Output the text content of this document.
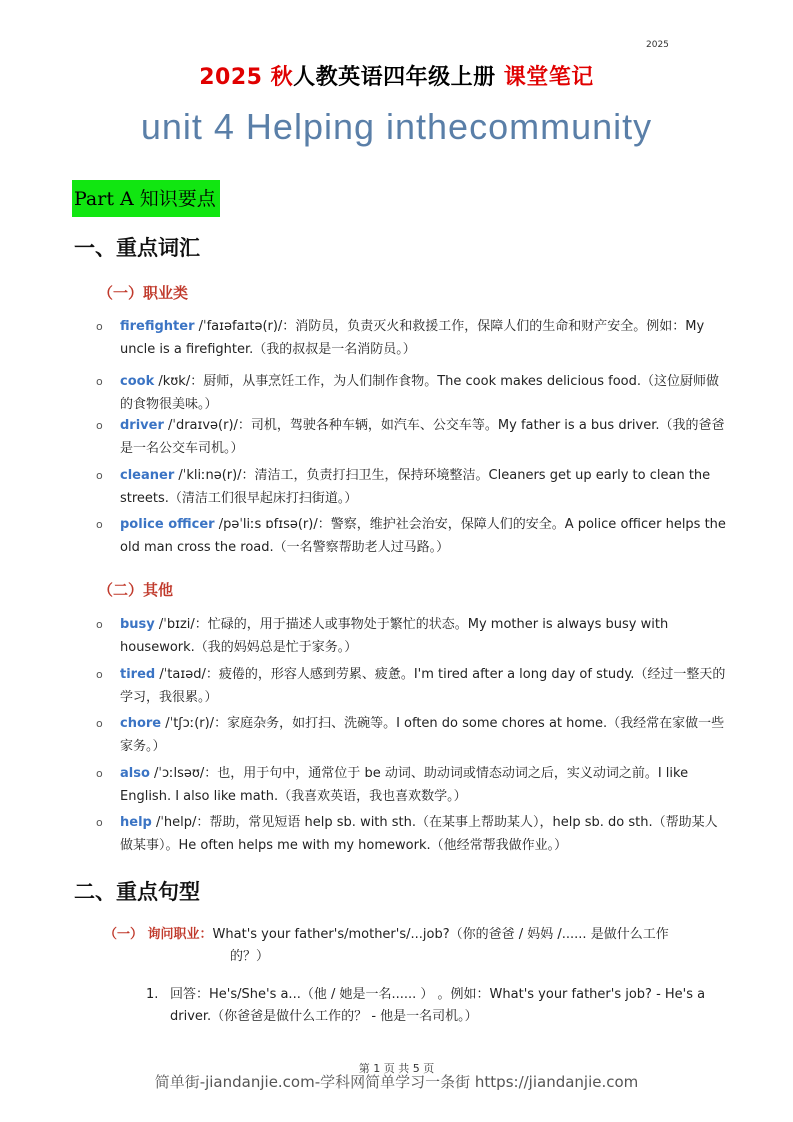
2025
2025 秋人教英语四年级上册 课堂笔记
unit 4 Helping inthecommunity
Part A 知识要点
一、重点词汇
（一）职业类
o firefighter /ˈfaɪəfaɪtə(r)/：消防员，负责灭火和救援工作，保障人们的生命和财产安全。例如：My uncle is a firefighter.（我的叔叔是一名消防员。）
o cook /kʊk/：厨师，从事烹饪工作，为人们制作食物。The cook makes delicious food.（这位厨师做的食物很美味。）
o driver /ˈdraɪvə(r)/：司机，驾驶各种车辆，如汽车、公交车等。My father is a bus driver.（我的爸爸是一名公交车司机。）
o cleaner /ˈkliːnə(r)/：清洁工，负责打扫卫生，保持环境整洁。Cleaners get up early to clean the streets.（清洁工们很早起床打扫街道。）
o police officer /pəˈliːs ɒfɪsə(r)/：警察，维护社会治安，保障人们的安全。A police officer helps the old man cross the road.（一名警察帮助老人过马路。）
（二）其他
o busy /ˈbɪzi/：忙碌的，用于描述人或事物处于繁忙的状态。My mother is always busy with housework.（我的妈妈总是忙于家务。）
o tired /ˈtaɪəd/：疲倦的，形容人感到劳累、疲惫。I'm tired after a long day of study.（经过一整天的学习，我很累。）
o chore /ˈtʃɔː(r)/：家庭杂务，如打扫、洗碗等。I often do some chores at home.（我经常在家做一些家务。）
o also /ˈɔːlsəʊ/：也，用于句中，通常位于 be 动词、助动词或情态动词之后，实义动词之前。I like English. I also like math.（我喜欢英语，我也喜欢数学。）
o help /ˈhelp/：帮助，常见短语 help sb. with sth.（在某事上帮助某人），help sb. do sth.（帮助某人做某事）。He often helps me with my homework.（他经常帮我做作业。）
二、重点句型
（一） 询问职业：What's your father's/mother's/...job?（你的爸爸 / 妈妈 /...... 是做什么工作
的？）
1. 回答：He's/She's a...（他 / 她是一名...... ） 。例如：What's your father's job? - He's a driver.（你爸爸是做什么工作的？ - 他是一名司机。）
第 1 页 共 5 页
简单街-jiandanjie.com-学科网简单学习一条街 https://jiandanjie.com
